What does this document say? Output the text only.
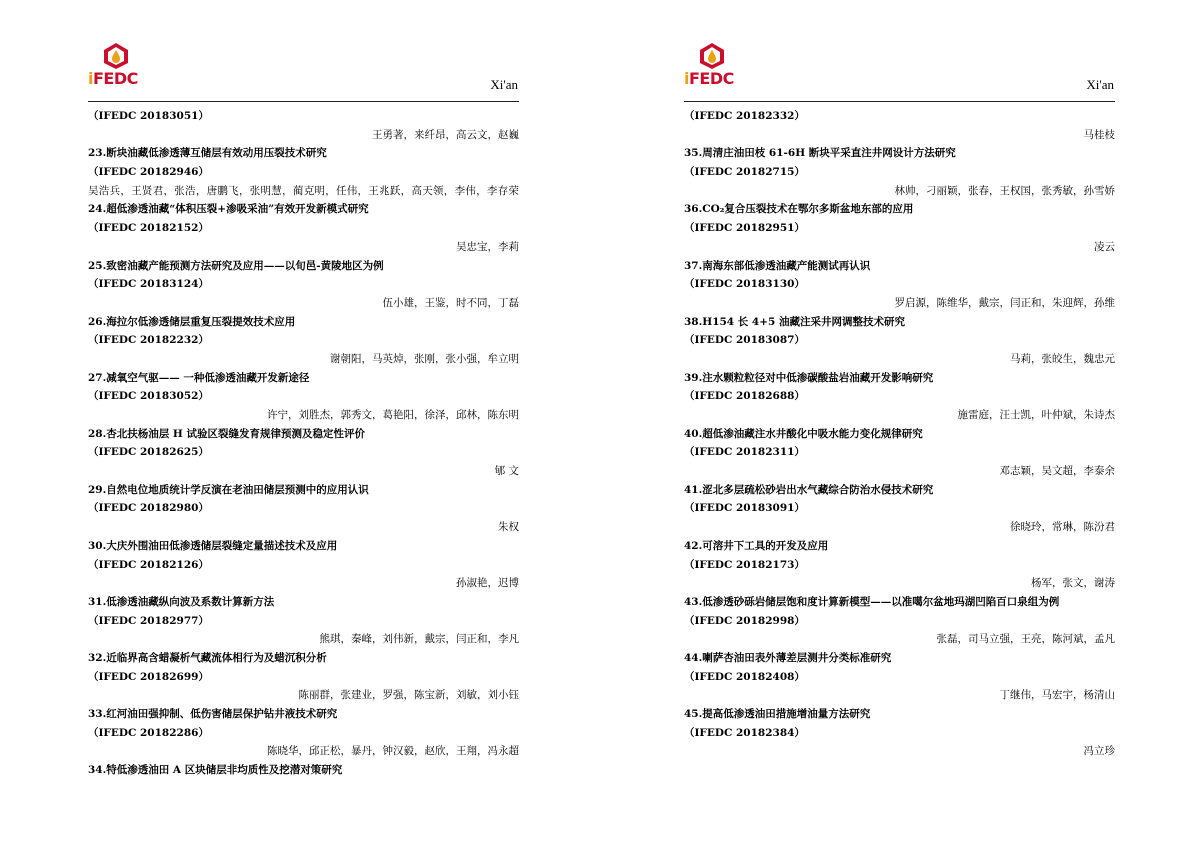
iFEDC	Xi'an
（IFEDC 20183051）
王勇著，来纤昂，高云文，赵巍
23.断块油藏低渗透薄互储层有效动用压裂技术研究
（IFEDC 20182946）
吴浩兵，王贤君，张浩，唐鹏飞，张明慧，蔺克明，任伟，王兆跃，高天领，李伟，李存荣
24.超低渗透油藏“体积压裂+渗吸采油”有效开发新模式研究
（IFEDC 20182152）
吴忠宝，李莉
25.致密油藏产能预测方法研究及应用——以旬邑-黄陵地区为例
（IFEDC 20183124）
伍小雄，王鉴，时不同，丁磊
26.海拉尔低渗透储层重复压裂提效技术应用
（IFEDC 20182232）
谢朝阳，马英焯，张刚，张小强，牟立明
27.减氧空气驱—— 一种低渗透油藏开发新途径
（IFEDC 20183052）
许宁，刘胜杰，郭秀文，葛艳阳，徐泽，邱林，陈东明
28.杏北扶杨油层 H 试验区裂缝发育规律预测及稳定性评价
（IFEDC 20182625）
郇 文
29.自然电位地质统计学反演在老油田储层预测中的应用认识
（IFEDC 20182980）
朱权
30.大庆外围油田低渗透储层裂缝定量描述技术及应用
（IFEDC 20182126）
孙淑艳，迟博
31.低渗透油藏纵向波及系数计算新方法
（IFEDC 20182977）
熊琪，秦峰，刘伟新，戴宗，闫正和，李凡
32.近临界高含蜡凝析气藏流体相行为及蜡沉积分析
（IFEDC 20182699）
陈丽群，张建业，罗强，陈宝新，刘敏，刘小钰
33.红河油田强抑制、低伤害储层保护钻井液技术研究
（IFEDC 20182286）
陈晓华，邱正松，暴丹，钟汉毅，赵欣，王翔，冯永超
34.特低渗透油田 A 区块储层非均质性及挖潜对策研究
iFEDC	Xi'an
（IFEDC 20182332）
马桂枝
35.周清庄油田枝 61-6H 断块平采直注井网设计方法研究
（IFEDC 20182715）
林帅，刁丽颖，张春，王权国，张秀敏，孙雪娇
36.CO₂复合压裂技术在鄂尔多斯盆地东部的应用
（IFEDC 20182951）
凌云
37.南海东部低渗透油藏产能测试再认识
（IFEDC 20183130）
罗启源，陈维华，戴宗，闫正和，朱迎辉，孙维
38.H154 长 4+5 油藏注采井网调整技术研究
（IFEDC 20183087）
马莉，张皎生，魏忠元
39.注水颗粒粒径对中低渗碳酸盐岩油藏开发影响研究
（IFEDC 20182688）
施雷庭，汪士凯，叶仲斌，朱诗杰
40.超低渗油藏注水井酸化中吸水能力变化规律研究
（IFEDC 20182311）
邓志颖，吴文超，李泰余
41.涩北多层疏松砂岩出水气藏综合防治水侵技术研究
（IFEDC 20183091）
徐晓玲，常琳，陈汾君
42.可溶井下工具的开发及应用
（IFEDC 20182173）
杨军，张文，谢涛
43.低渗透砂砾岩储层饱和度计算新模型——以准噶尔盆地玛湖凹陷百口泉组为例
（IFEDC 20182998）
张磊，司马立强，王亮，陈河斌，孟凡
44.喇萨杏油田表外薄差层测井分类标准研究
（IFEDC 20182408）
丁继伟，马宏宇，杨清山
45.提高低渗透油田措施增油量方法研究
（IFEDC 20182384）
冯立珍
